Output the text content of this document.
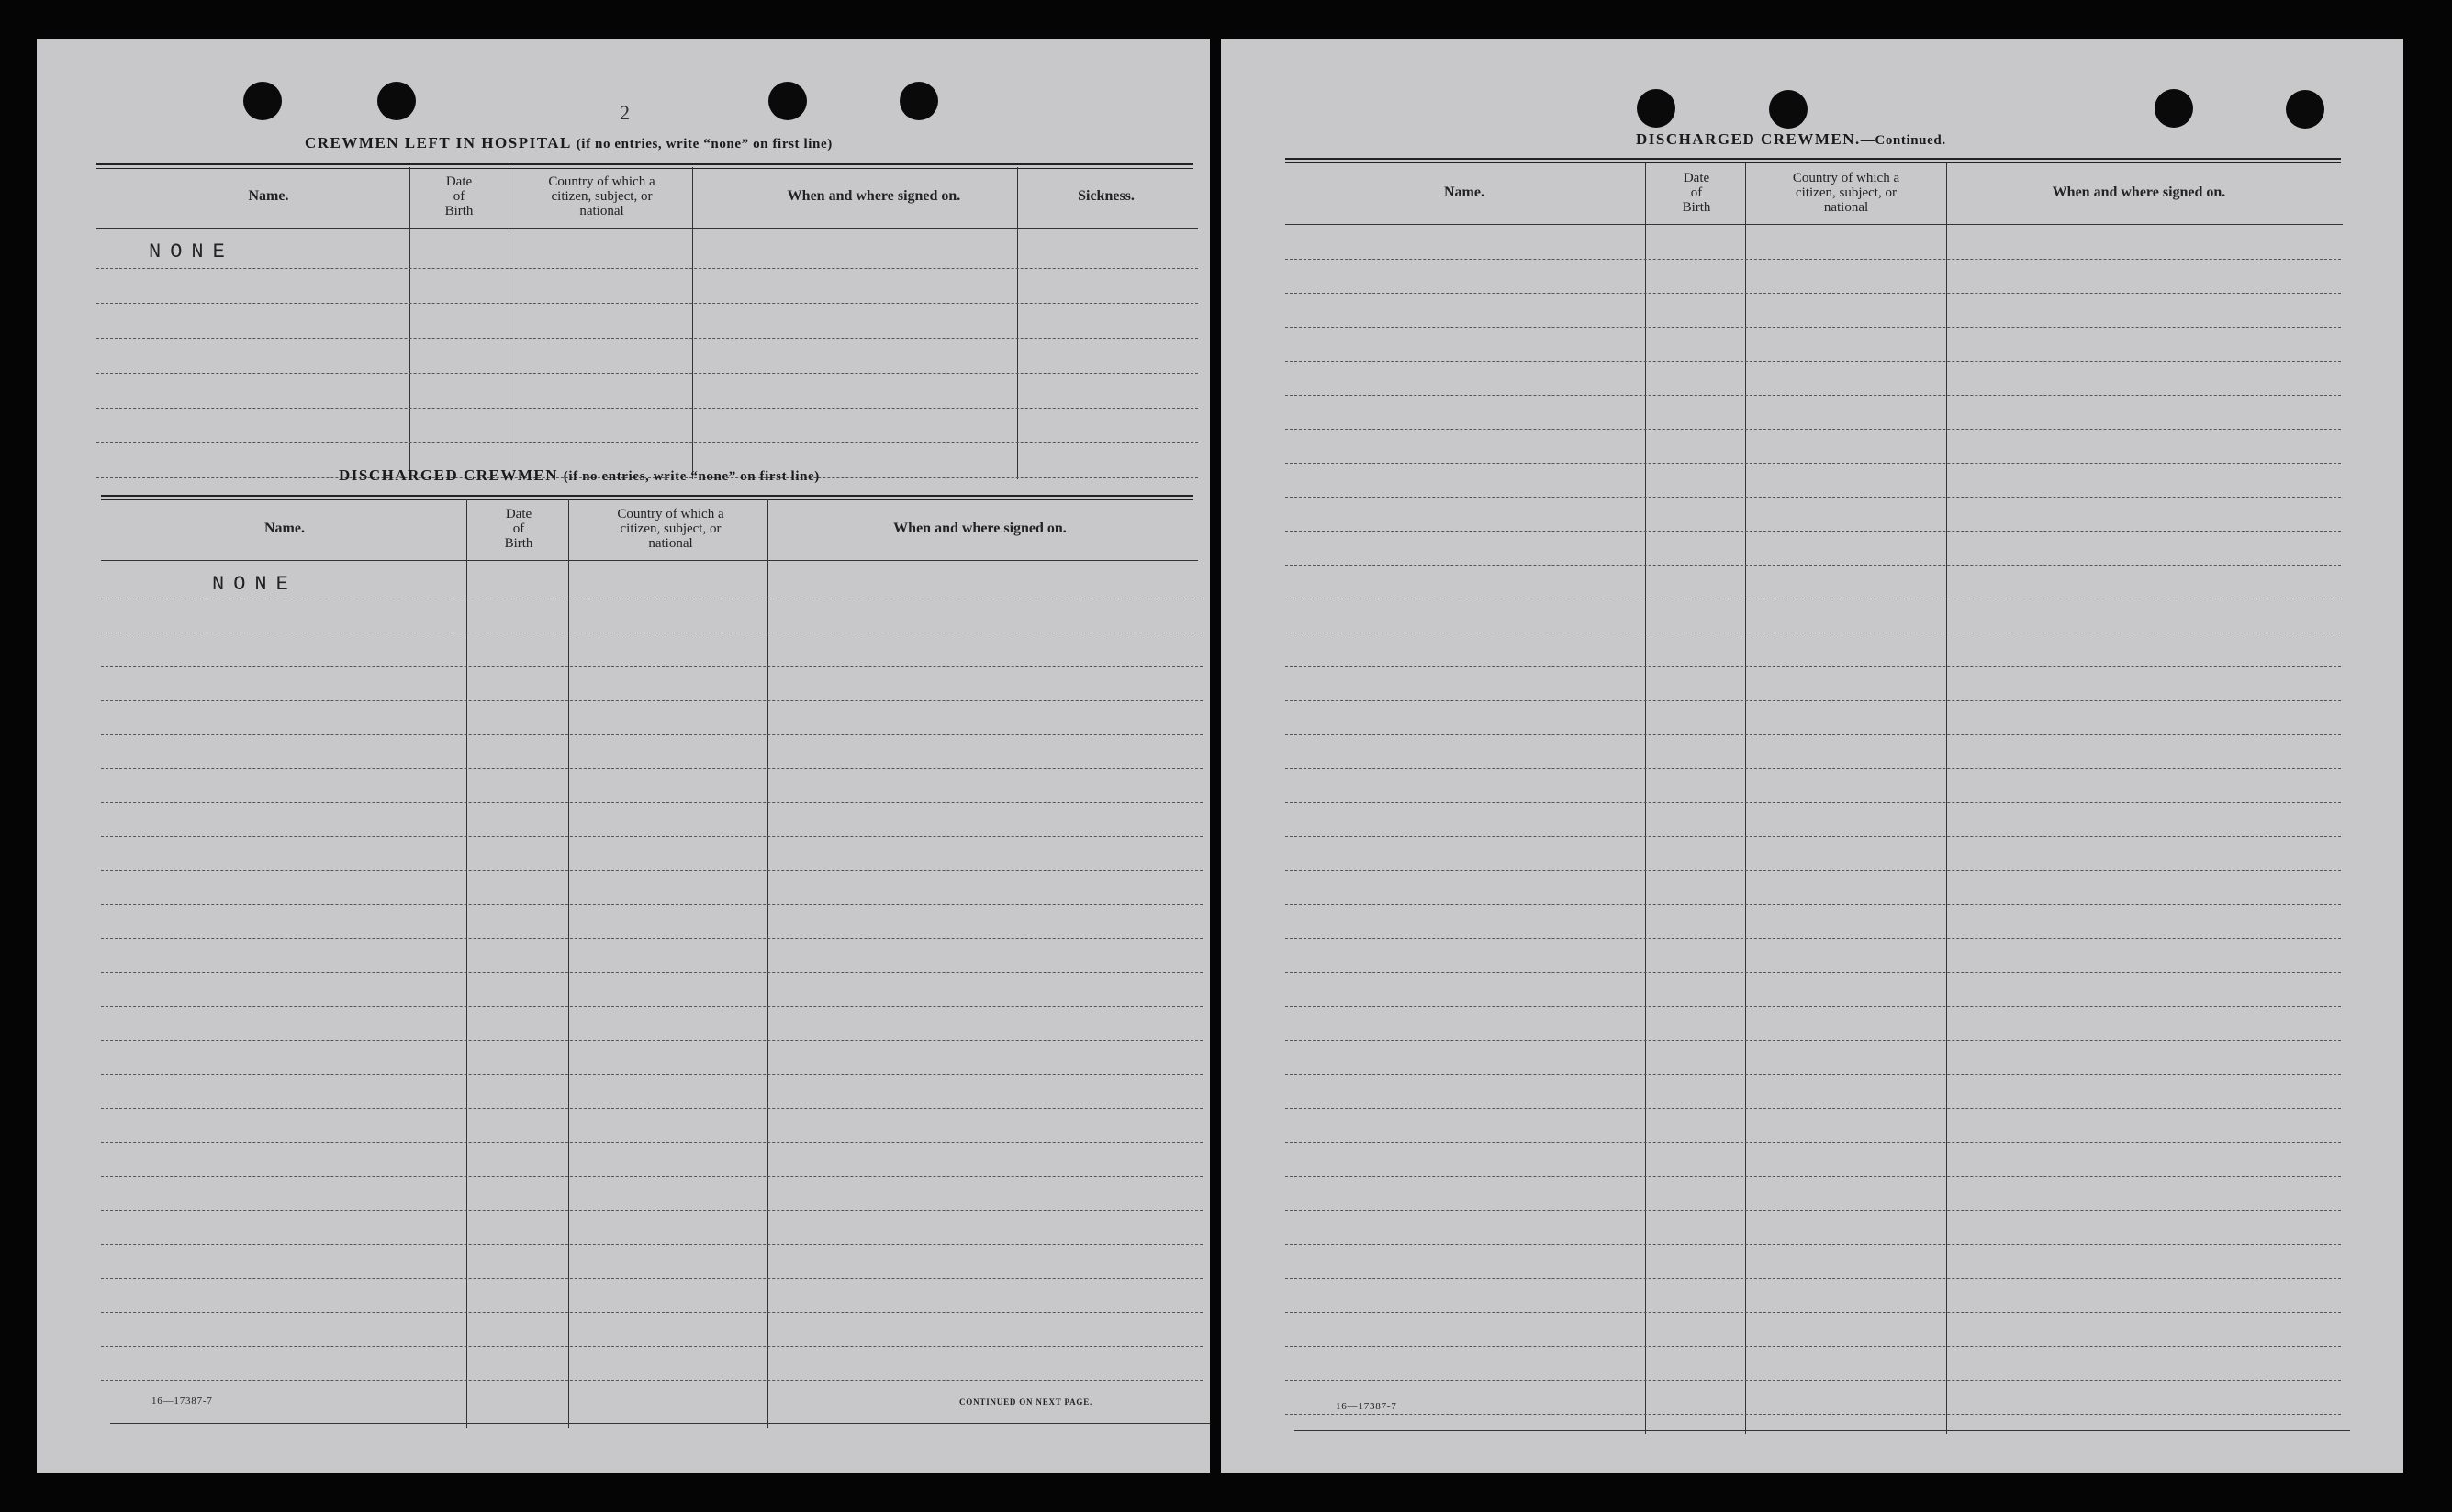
2
CREWMEN LEFT IN HOSPITAL (if no entries, write “none” on first line)
Name.
Date
of
Birth
Country of which a
citizen, subject, or
national
When and where signed on.	Sickness.
NONE
DISCHARGED CREWMEN (if no entries, write “none” on first line)
Name.
Date
of
Birth
Country of which a
citizen, subject, or
national
When and where signed on.
NONE
16—17387-7	CONTINUED ON NEXT PAGE.
DISCHARGED CREWMEN.—Continued.
Name.
Date
of
Birth
Country of which a
citizen, subject, or
national
When and where signed on.
16—17387-7
